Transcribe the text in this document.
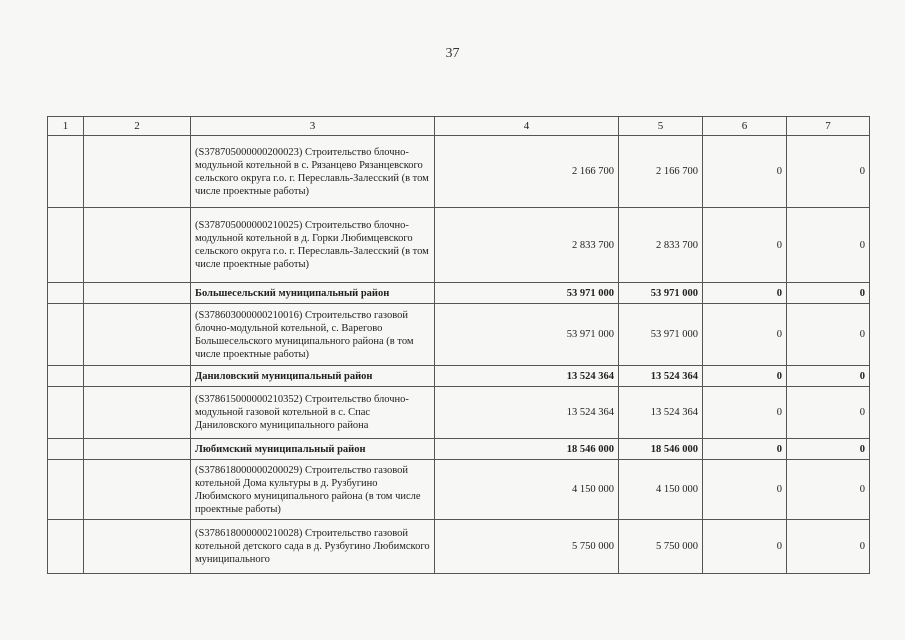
37
1	2	3	4	5	6	7
		(S378705000000200023) Строительство блочно-модульной котельной в с. Рязанцево Рязанцевского сельского округа г.о. г. Переславль-Залесский (в том числе проектные работы)	2 166 700	2 166 700	0	0
		(S378705000000210025) Строительство блочно-модульной котельной в д. Горки Любимцевского сельского округа г.о. г. Переславль-Залесский (в том числе проектные работы)	2 833 700	2 833 700	0	0
		Большесельский муниципальный район	53 971 000	53 971 000	0	0
		(S378603000000210016) Строительство газовой блочно-модульной котельной, с. Варегово Большесельского муниципального района (в том числе проектные работы)	53 971 000	53 971 000	0	0
		Даниловский муниципальный район	13 524 364	13 524 364	0	0
		(S378615000000210352) Строительство блочно-модульной газовой котельной в с. Спас Даниловского муниципального района	13 524 364	13 524 364	0	0
		Любимский муниципальный район	18 546 000	18 546 000	0	0
		(S378618000000200029) Строительство газовой котельной Дома культуры в д. Рузбугино Любимского муниципального района (в том числе проектные работы)	4 150 000	4 150 000	0	0
		(S378618000000210028) Строительство газовой котельной детского сада в д. Рузбугино Любимского муниципального	5 750 000	5 750 000	0	0
